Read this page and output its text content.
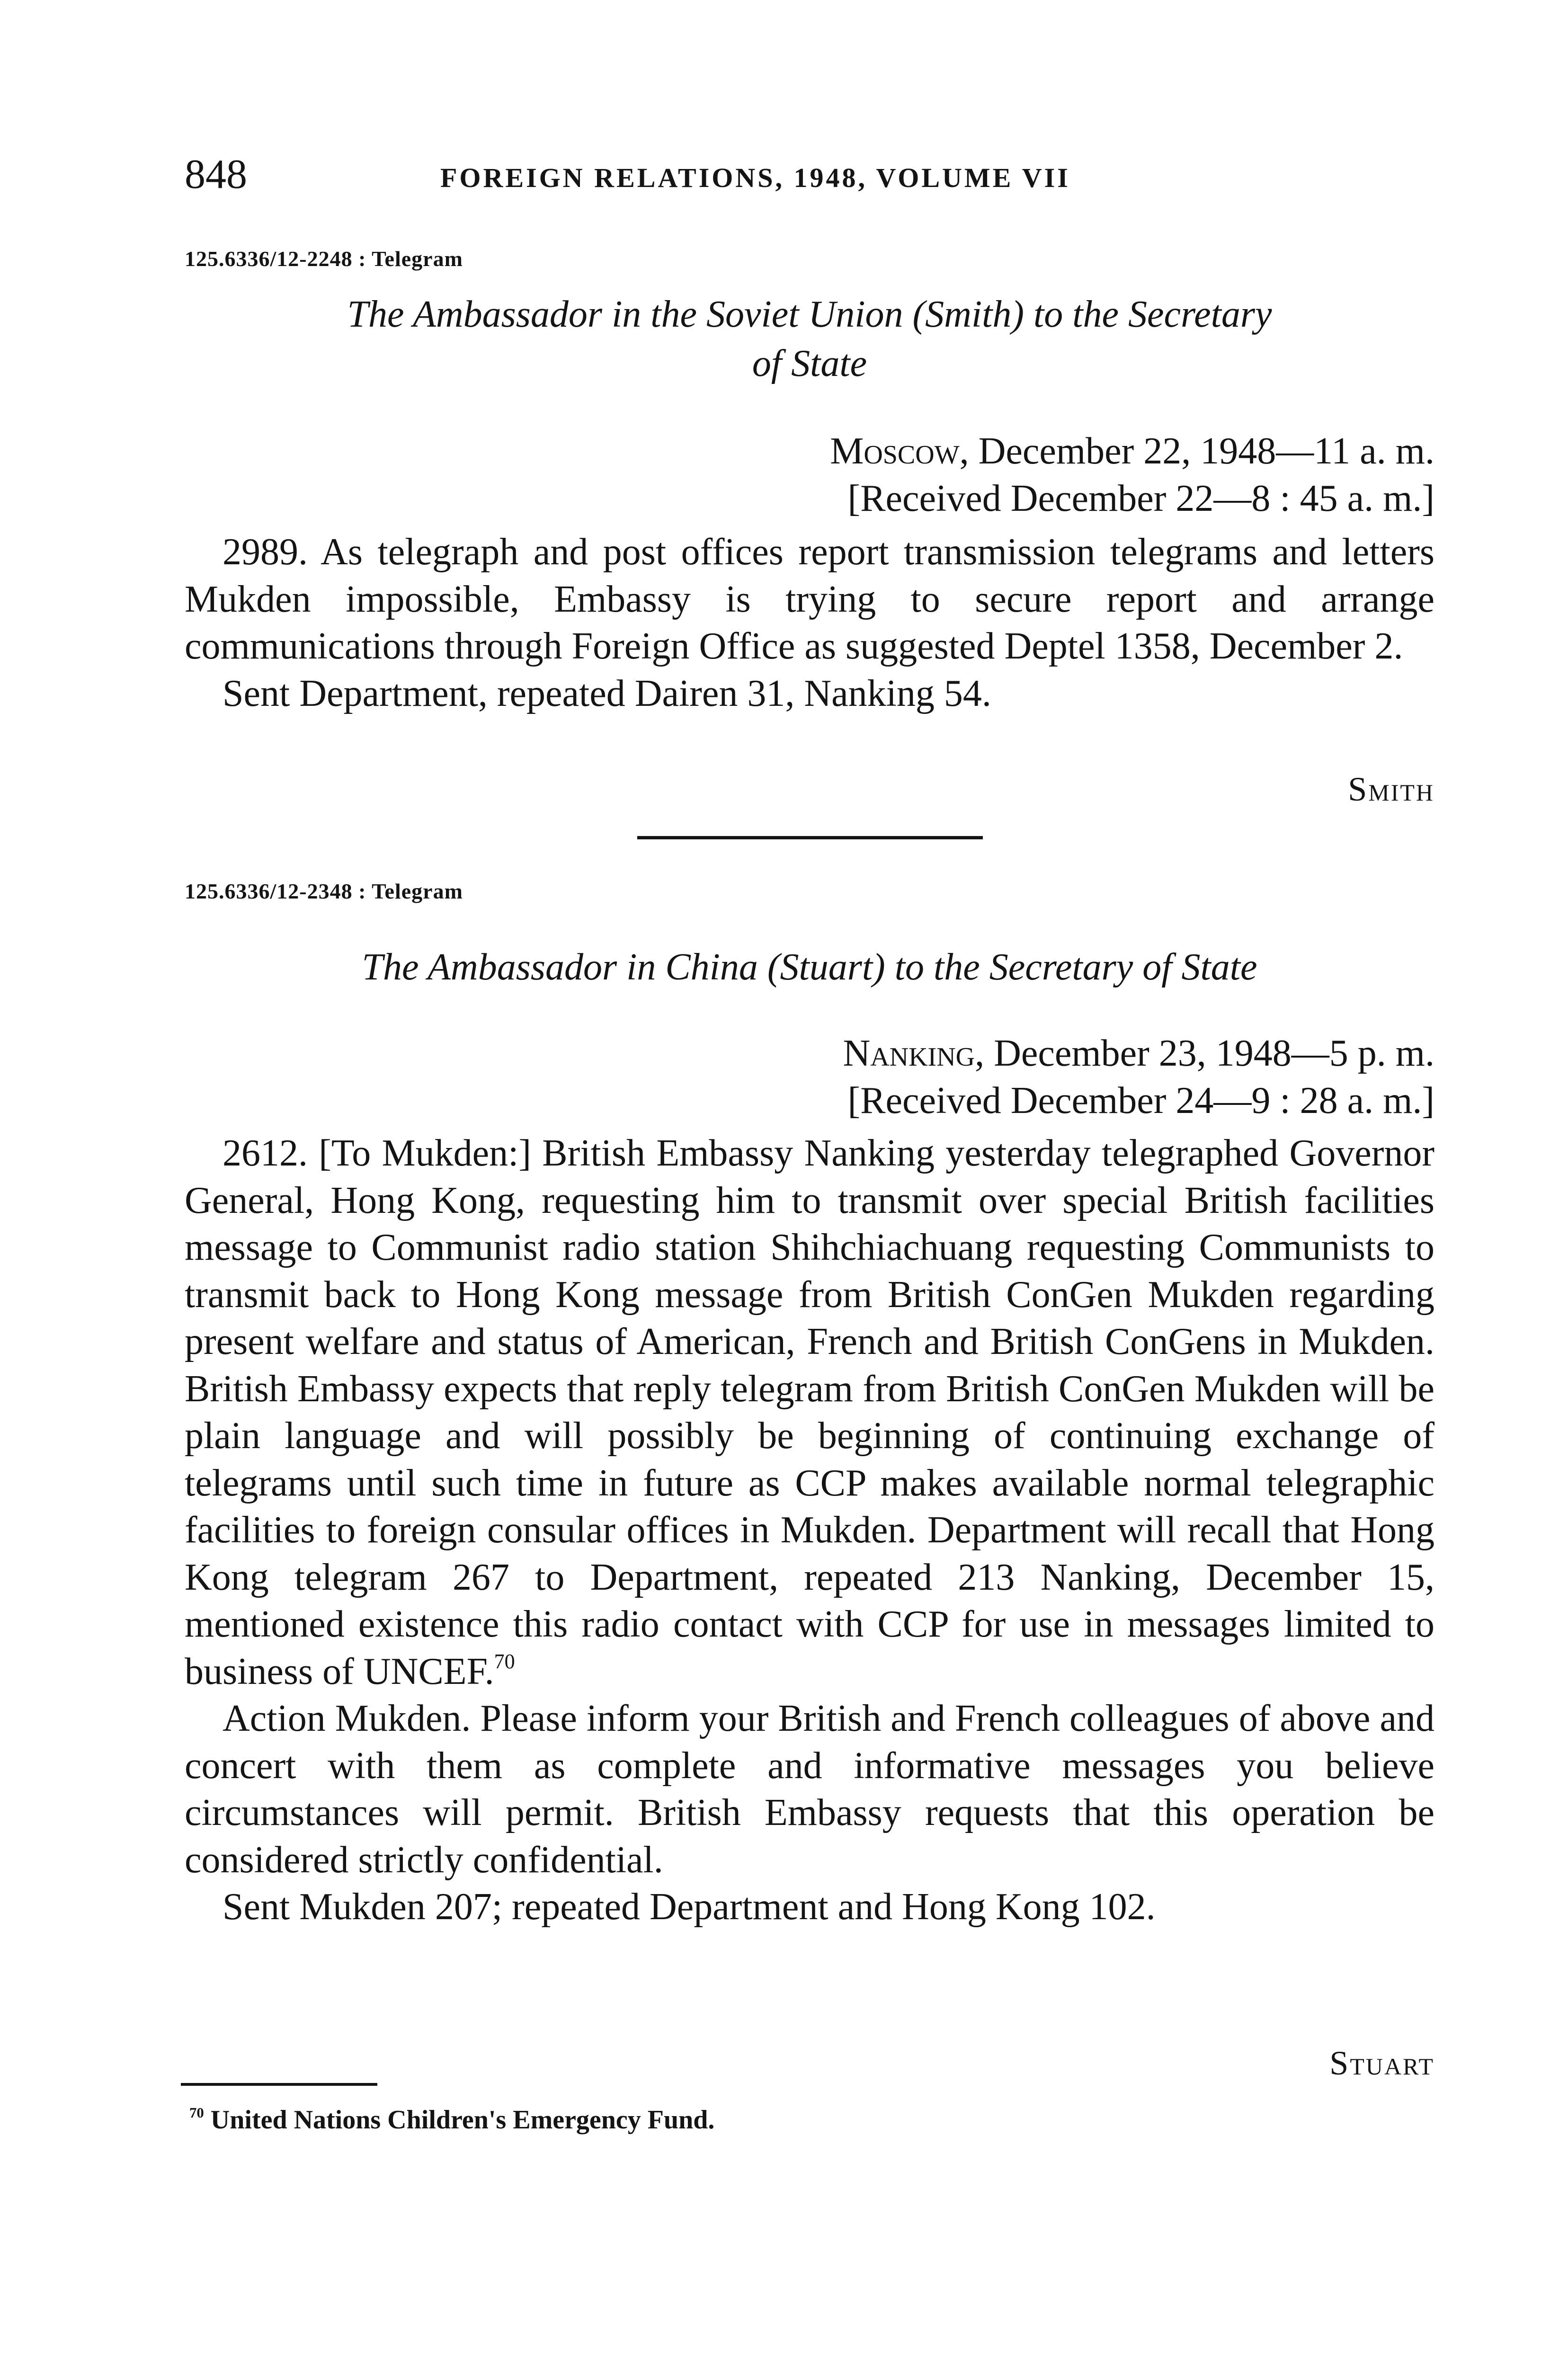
848	FOREIGN RELATIONS, 1948, VOLUME VII
125.6336/12-2248 : Telegram
The Ambassador in the Soviet Union (Smith) to the Secretary
of State
Moscow, December 22, 1948—11 a. m.
[Received December 22—8 : 45 a. m.]

2989. As telegraph and post offices report transmission telegrams and letters Mukden impossible, Embassy is trying to secure report and arrange communications through Foreign Office as suggested Deptel 1358, December 2.

Sent Department, repeated Dairen 31, Nanking 54.

Smith
125.6336/12-2348 : Telegram
The Ambassador in China (Stuart) to the Secretary of State
Nanking, December 23, 1948—5 p. m.
[Received December 24—9 : 28 a. m.]

2612. [To Mukden:] British Embassy Nanking yesterday telegraphed Governor General, Hong Kong, requesting him to transmit over special British facilities message to Communist radio station Shihchiachuang requesting Communists to transmit back to Hong Kong message from British ConGen Mukden regarding present welfare and status of American, French and British ConGens in Mukden. British Embassy expects that reply telegram from British ConGen Mukden will be plain language and will possibly be beginning of continuing exchange of telegrams until such time in future as CCP makes available normal telegraphic facilities to foreign consular offices in Mukden. Department will recall that Hong Kong telegram 267 to Department, repeated 213 Nanking, December 15, mentioned existence this radio contact with CCP for use in messages limited to business of UNCEF.$^{70}$

Action Mukden. Please inform your British and French colleagues of above and concert with them as complete and informative messages you believe circumstances will permit. British Embassy requests that this operation be considered strictly confidential.

Sent Mukden 207; repeated Department and Hong Kong 102.

Stuart
$^{70}$ United Nations Children's Emergency Fund.
